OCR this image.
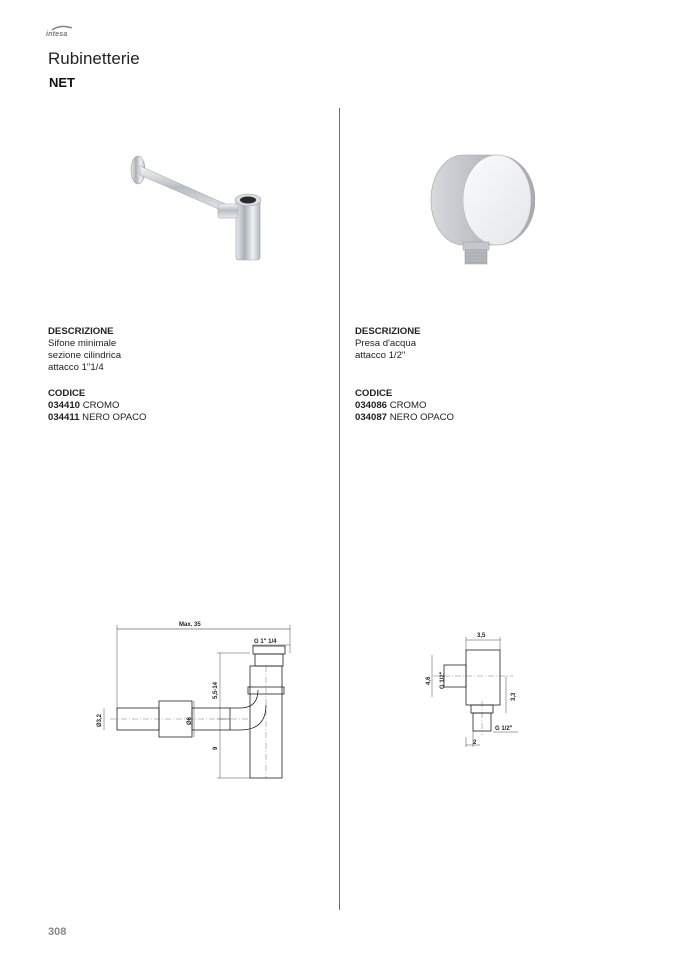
intesa
Rubinetterie
NET
DESCRIZIONE
Sifone minimale
sezione cilindrica
attacco 1"1/4
CODICE
034410 CROMO
034411 NERO OPACO
DESCRIZIONE
Presa d'acqua
attacco 1/2"
CODICE
034086 CROMO
034087 NERO OPACO
Max. 35
G 1" 1/4
5,5-14
9
Ø3,2	Ø6
3,5
4,6 G 1/2"
3,3
G 1/2"
2
308
